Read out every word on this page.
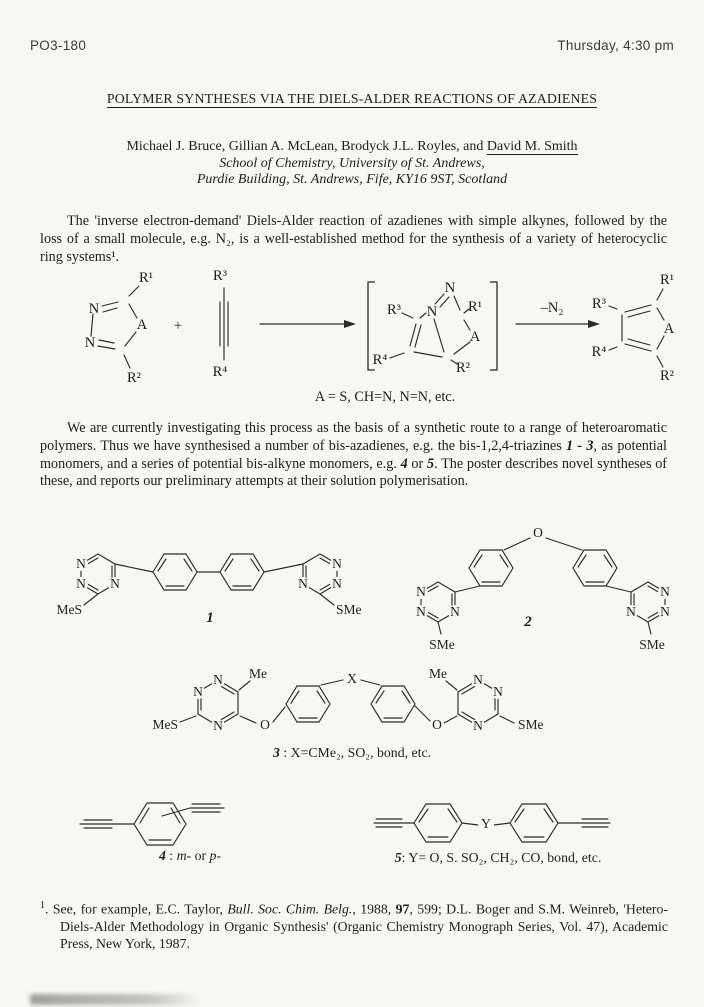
PO3-180	Thursday, 4:30 pm
POLYMER SYNTHESES VIA THE DIELS-ALDER REACTIONS OF AZADIENES
Michael J. Bruce, Gillian A. McLean, Brodyck J.L. Royles, and David M. Smith
School of Chemistry, University of St. Andrews,
Purdie Building, St. Andrews, Fife, KY16 9ST, Scotland
The 'inverse electron-demand' Diels-Alder reaction of azadienes with simple alkynes, followed by the loss of a small molecule, e.g. N₂, is a well-established method for the synthesis of a variety of heterocyclic ring systems¹.
N
N
A
R¹
R²
+
R³
R⁴
R³
R⁴
N
N
R¹
A
R²
–N₂
A
R¹
R³
R⁴
R²
A = S, CH=N, N=N, etc.
We are currently investigating this process as the basis of a synthetic route to a range of heteroaromatic polymers. Thus we have synthesised a number of bis-azadienes, e.g. the bis-1,2,4-triazines 1 - 3, as potential monomers, and a series of potential bis-alkyne monomers, e.g. 4 or 5. The poster describes novel syntheses of these, and reports our preliminary attempts at their solution polymerisation.
N
N N
N
N
N
MeS	SMe
1
O
N
N N
N
N
N
SMe	SMe
2
N
N
N
N
N
N
Me	Me
MeS	SMe
O	O
X
3 : X=CMe₂, SO₂, bond, etc.
4 : m- or p-
Y
5: Y= O, S. SO₂, CH₂, CO, bond, etc.
$^1$. See, for example, E.C. Taylor, Bull. Soc. Chim. Belg., 1988, 97, 599; D.L. Boger and S.M. Weinreb, 'Hetero-Diels-Alder Methodology in Organic Synthesis' (Organic Chemistry Monograph Series, Vol. 47), Academic Press, New York, 1987.
